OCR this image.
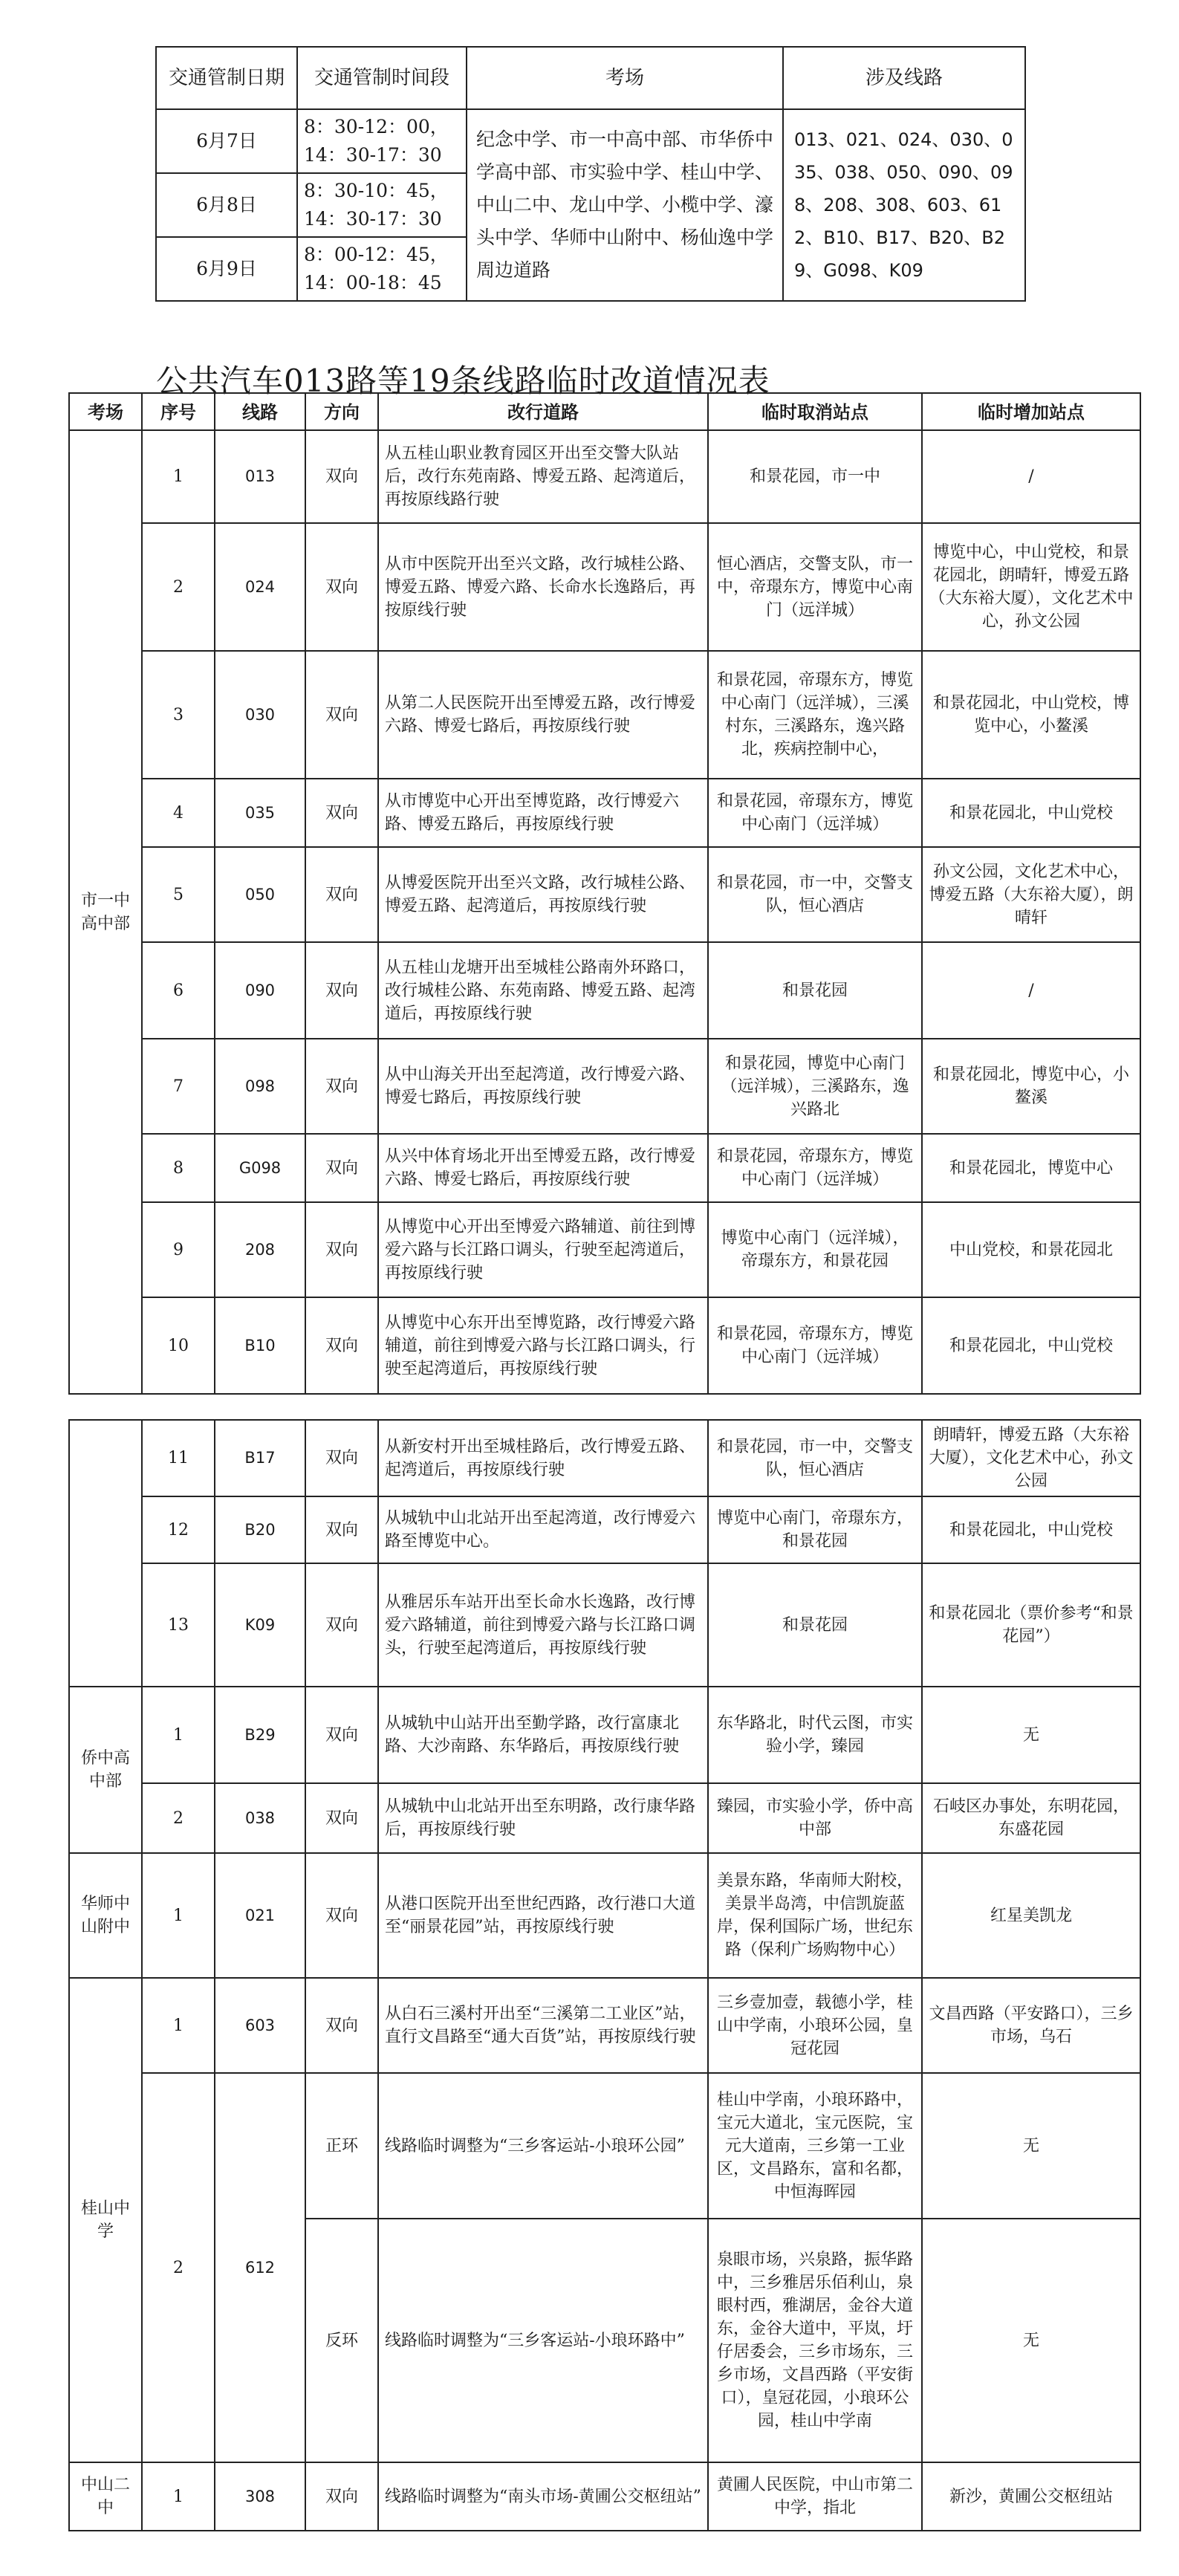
交通管制日期	交通管制时间段	考场	涉及线路
6月7日	8：30-12：00，14：30-17：30	纪念中学、市一中高中部、市华侨中学高中部、市实验中学、桂山中学、中山二中、龙山中学、小榄中学、濠头中学、华师中山附中、杨仙逸中学周边道路	013、021、024、030、035、038、050、090、098、208、308、603、612、B10、B17、B20、B29、G098、K09
6月8日	8：30-10：45，14：30-17：30		
6月9日	8：00-12：45，14：00-18：45		
公共汽车013路等19条线路临时改道情况表
考场	序号	线路	方向	改行道路	临时取消站点	临时增加站点
市一中高中部	1	013	双向	从五桂山职业教育园区开出至交警大队站后，改行东苑南路、博爱五路、起湾道后，再按原线路行驶	和景花园，市一中	/
	2	024	双向	从市中医院开出至兴文路，改行城桂公路、博爱五路、博爱六路、长命水长逸路后，再按原线行驶	恒心酒店，交警支队，市一中，帝璟东方，博览中心南门（远洋城）	博览中心，中山党校，和景花园北，朗晴轩，博爱五路（大东裕大厦），文化艺术中心，孙文公园
	3	030	双向	从第二人民医院开出至博爱五路，改行博爱六路、博爱七路后，再按原线行驶	和景花园，帝璟东方，博览中心南门（远洋城），三溪村东，三溪路东，逸兴路北，疾病控制中心，	和景花园北，中山党校，博览中心，小鳌溪
	4	035	双向	从市博览中心开出至博览路，改行博爱六路、博爱五路后，再按原线行驶	和景花园，帝璟东方，博览中心南门（远洋城）	和景花园北，中山党校
	5	050	双向	从博爱医院开出至兴文路，改行城桂公路、博爱五路、起湾道后，再按原线行驶	和景花园，市一中，交警支队，恒心酒店	孙文公园，文化艺术中心，博爱五路（大东裕大厦），朗晴轩
	6	090	双向	从五桂山龙塘开出至城桂公路南外环路口，改行城桂公路、东苑南路、博爱五路、起湾道后，再按原线行驶	和景花园	/
	7	098	双向	从中山海关开出至起湾道，改行博爱六路、博爱七路后，再按原线行驶	和景花园，博览中心南门（远洋城），三溪路东，逸兴路北	和景花园北，博览中心，小鳌溪
	8	G098	双向	从兴中体育场北开出至博爱五路，改行博爱六路、博爱七路后，再按原线行驶	和景花园，帝璟东方，博览中心南门（远洋城）	和景花园北，博览中心
	9	208	双向	从博览中心开出至博爱六路辅道、前往到博爱六路与长江路口调头，行驶至起湾道后，再按原线行驶	博览中心南门（远洋城），帝璟东方，和景花园	中山党校，和景花园北
	10	B10	双向	从博览中心东开出至博览路，改行博爱六路辅道，前往到博爱六路与长江路口调头，行驶至起湾道后，再按原线行驶	和景花园，帝璟东方，博览中心南门（远洋城）	和景花园北，中山党校
	11	B17	双向	从新安村开出至城桂路后，改行博爱五路、起湾道后，再按原线行驶	和景花园，市一中，交警支队，恒心酒店	朗晴轩，博爱五路（大东裕大厦），文化艺术中心，孙文公园
	12	B20	双向	从城轨中山北站开出至起湾道，改行博爱六路至博览中心。	博览中心南门，帝璟东方，和景花园	和景花园北，中山党校
	13	K09	双向	从雅居乐车站开出至长命水长逸路，改行博爱六路辅道，前往到博爱六路与长江路口调头，行驶至起湾道后，再按原线行驶	和景花园	和景花园北（票价参考“和景花园”）
侨中高中部	1	B29	双向	从城轨中山站开出至勤学路，改行富康北路、大沙南路、东华路后，再按原线行驶	东华路北，时代云图，市实验小学，臻园	无
	2	038	双向	从城轨中山北站开出至东明路，改行康华路后，再按原线行驶	臻园，市实验小学，侨中高中部	石岐区办事处，东明花园，东盛花园
华师中山附中	1	021	双向	从港口医院开出至世纪西路，改行港口大道至“丽景花园”站，再按原线行驶	美景东路，华南师大附校，美景半岛湾，中信凯旋蓝岸，保利国际广场，世纪东路（保利广场购物中心）	红星美凯龙
桂山中学	1	603	双向	从白石三溪村开出至“三溪第二工业区”站，直行文昌路至“通大百货”站，再按原线行驶	三乡壹加壹，载德小学，桂山中学南，小琅环公园，皇冠花园	文昌西路（平安路口），三乡市场，乌石
	2	612	正环	线路临时调整为“三乡客运站-小琅环公园”	桂山中学南，小琅环路中，宝元大道北，宝元医院，宝元大道南，三乡第一工业区，文昌路东，富和名都，中恒海晖园	无
			反环	线路临时调整为“三乡客运站-小琅环路中”	泉眼市场，兴泉路，振华路中，三乡雅居乐佰利山，泉眼村西，雅湖居，金谷大道东，金谷大道中，平岚，圩仔居委会，三乡市场东，三乡市场，文昌西路（平安街口），皇冠花园，小琅环公园，桂山中学南	无
中山二中	1	308	双向	线路临时调整为“南头市场-黄圃公交枢纽站”	黄圃人民医院，中山市第二中学，指北	新沙，黄圃公交枢纽站
